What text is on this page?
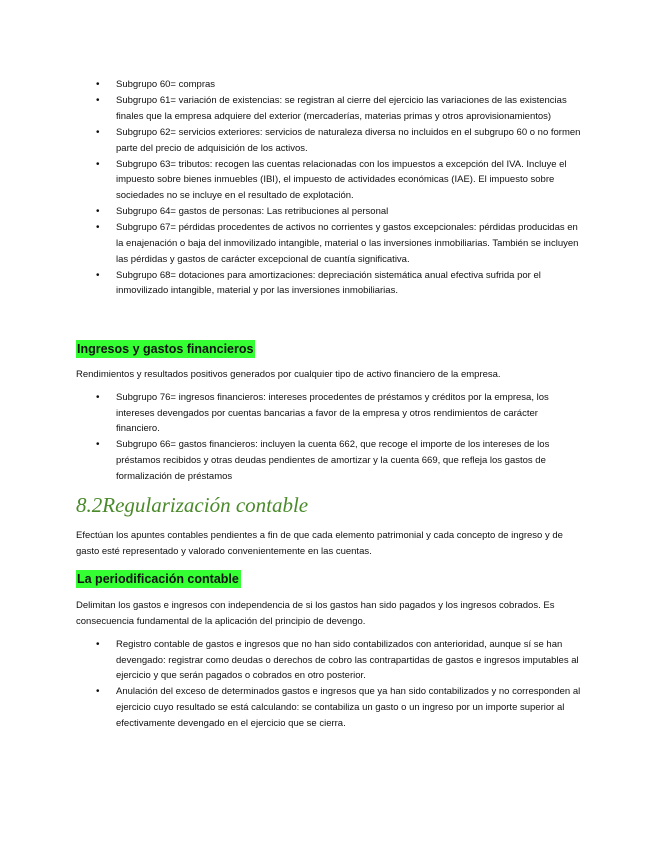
• Subgrupo 60= compras
• Subgrupo 61= variación de existencias: se registran al cierre del ejercicio las variaciones de las existencias finales que la empresa adquiere del exterior (mercaderías, materias primas y otros aprovisionamientos)
• Subgrupo 62= servicios exteriores: servicios de naturaleza diversa no incluidos en el subgrupo 60 o no formen parte del precio de adquisición de los activos.
• Subgrupo 63= tributos: recogen las cuentas relacionadas con los impuestos a excepción del IVA. Incluye el impuesto sobre bienes inmuebles (IBI), el impuesto de actividades económicas (IAE). El impuesto sobre sociedades no se incluye en el resultado de explotación.
• Subgrupo 64= gastos de personas: Las retribuciones al personal
• Subgrupo 67= pérdidas procedentes de activos no corrientes y gastos excepcionales: pérdidas producidas en la enajenación o baja del inmovilizado intangible, material o las inversiones inmobiliarias. También se incluyen las pérdidas y gastos de carácter excepcional de cuantía significativa.
• Subgrupo 68= dotaciones para amortizaciones: depreciación sistemática anual efectiva sufrida por el inmovilizado intangible, material y por las inversiones inmobiliarias.
Ingresos y gastos financieros
Rendimientos y resultados positivos generados por cualquier tipo de activo financiero de la empresa.
• Subgrupo 76= ingresos financieros: intereses procedentes de préstamos y créditos por la empresa, los intereses devengados por cuentas bancarias a favor de la empresa y otros rendimientos de carácter financiero.
• Subgrupo 66= gastos financieros: incluyen la cuenta 662, que recoge el importe de los intereses de los préstamos recibidos y otras deudas pendientes de amortizar y la cuenta 669, que refleja los gastos de formalización de préstamos
8.2Regularización contable
Efectúan los apuntes contables pendientes a fin de que cada elemento patrimonial y cada concepto de ingreso y de gasto esté representado y valorado convenientemente en las cuentas.
La periodificación contable
Delimitan los gastos e ingresos con independencia de si los gastos han sido pagados y los ingresos cobrados. Es consecuencia fundamental de la aplicación del principio de devengo.
• Registro contable de gastos e ingresos que no han sido contabilizados con anterioridad, aunque sí se han devengado: registrar como deudas o derechos de cobro las contrapartidas de gastos e ingresos imputables al ejercicio y que serán pagados o cobrados en otro posterior.
• Anulación del exceso de determinados gastos e ingresos que ya han sido contabilizados y no corresponden al ejercicio cuyo resultado se está calculando: se contabiliza un gasto o un ingreso por un importe superior al efectivamente devengado en el ejercicio que se cierra.
